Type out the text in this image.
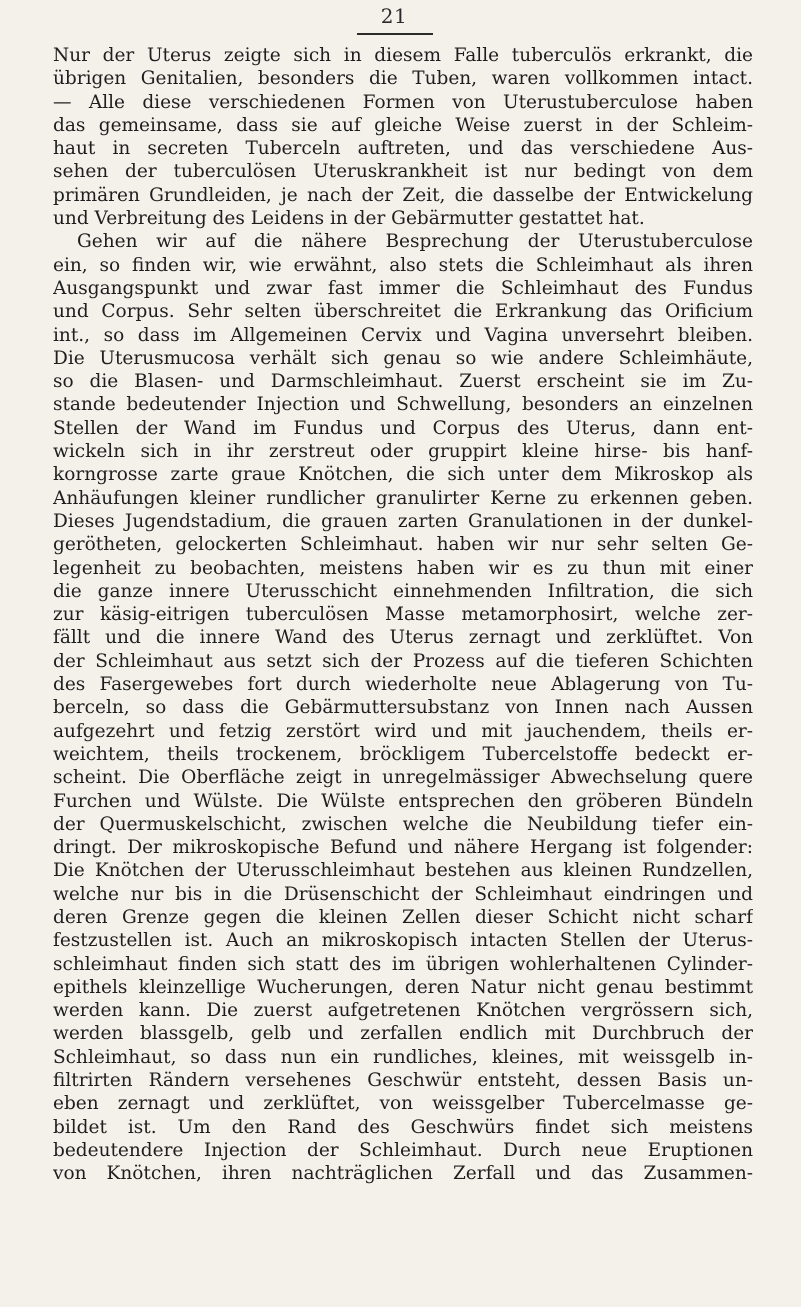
21
Nur der Uterus zeigte sich in diesem Falle tuberculös erkrankt, die
übrigen Genitalien, besonders die Tuben, waren vollkommen intact.
— Alle diese verschiedenen Formen von Uterustuberculose haben
das gemeinsame, dass sie auf gleiche Weise zuerst in der Schleim-
haut in secreten Tuberceln auftreten, und das verschiedene Aus-
sehen der tuberculösen Uteruskrankheit ist nur bedingt von dem
primären Grundleiden, je nach der Zeit, die dasselbe der Entwickelung
und Verbreitung des Leidens in der Gebärmutter gestattet hat.
Gehen wir auf die nähere Besprechung der Uterustuberculose
ein, so finden wir, wie erwähnt, also stets die Schleimhaut als ihren
Ausgangspunkt und zwar fast immer die Schleimhaut des Fundus
und Corpus. Sehr selten überschreitet die Erkrankung das Orificium
int., so dass im Allgemeinen Cervix und Vagina unversehrt bleiben.
Die Uterusmucosa verhält sich genau so wie andere Schleimhäute,
so die Blasen- und Darmschleimhaut. Zuerst erscheint sie im Zu-
stande bedeutender Injection und Schwellung, besonders an einzelnen
Stellen der Wand im Fundus und Corpus des Uterus, dann ent-
wickeln sich in ihr zerstreut oder gruppirt kleine hirse- bis hanf-
korngrosse zarte graue Knötchen, die sich unter dem Mikroskop als
Anhäufungen kleiner rundlicher granulirter Kerne zu erkennen geben.
Dieses Jugendstadium, die grauen zarten Granulationen in der dunkel-
gerötheten, gelockerten Schleimhaut. haben wir nur sehr selten Ge-
legenheit zu beobachten, meistens haben wir es zu thun mit einer
die ganze innere Uterusschicht einnehmenden Infiltration, die sich
zur käsig-eitrigen tuberculösen Masse metamorphosirt, welche zer-
fällt und die innere Wand des Uterus zernagt und zerklüftet. Von
der Schleimhaut aus setzt sich der Prozess auf die tieferen Schichten
des Fasergewebes fort durch wiederholte neue Ablagerung von Tu-
berceln, so dass die Gebärmuttersubstanz von Innen nach Aussen
aufgezehrt und fetzig zerstört wird und mit jauchendem, theils er-
weichtem, theils trockenem, bröckligem Tubercelstoffe bedeckt er-
scheint. Die Oberfläche zeigt in unregelmässiger Abwechselung quere
Furchen und Wülste. Die Wülste entsprechen den gröberen Bündeln
der Quermuskelschicht, zwischen welche die Neubildung tiefer ein-
dringt. Der mikroskopische Befund und nähere Hergang ist folgender:
Die Knötchen der Uterusschleimhaut bestehen aus kleinen Rundzellen,
welche nur bis in die Drüsenschicht der Schleimhaut eindringen und
deren Grenze gegen die kleinen Zellen dieser Schicht nicht scharf
festzustellen ist. Auch an mikroskopisch intacten Stellen der Uterus-
schleimhaut finden sich statt des im übrigen wohlerhaltenen Cylinder-
epithels kleinzellige Wucherungen, deren Natur nicht genau bestimmt
werden kann. Die zuerst aufgetretenen Knötchen vergrössern sich,
werden blassgelb, gelb und zerfallen endlich mit Durchbruch der
Schleimhaut, so dass nun ein rundliches, kleines, mit weissgelb in-
filtrirten Rändern versehenes Geschwür entsteht, dessen Basis un-
eben zernagt und zerklüftet, von weissgelber Tubercelmasse ge-
bildet ist. Um den Rand des Geschwürs findet sich meistens
bedeutendere Injection der Schleimhaut. Durch neue Eruptionen
von Knötchen, ihren nachträglichen Zerfall und das Zusammen-
